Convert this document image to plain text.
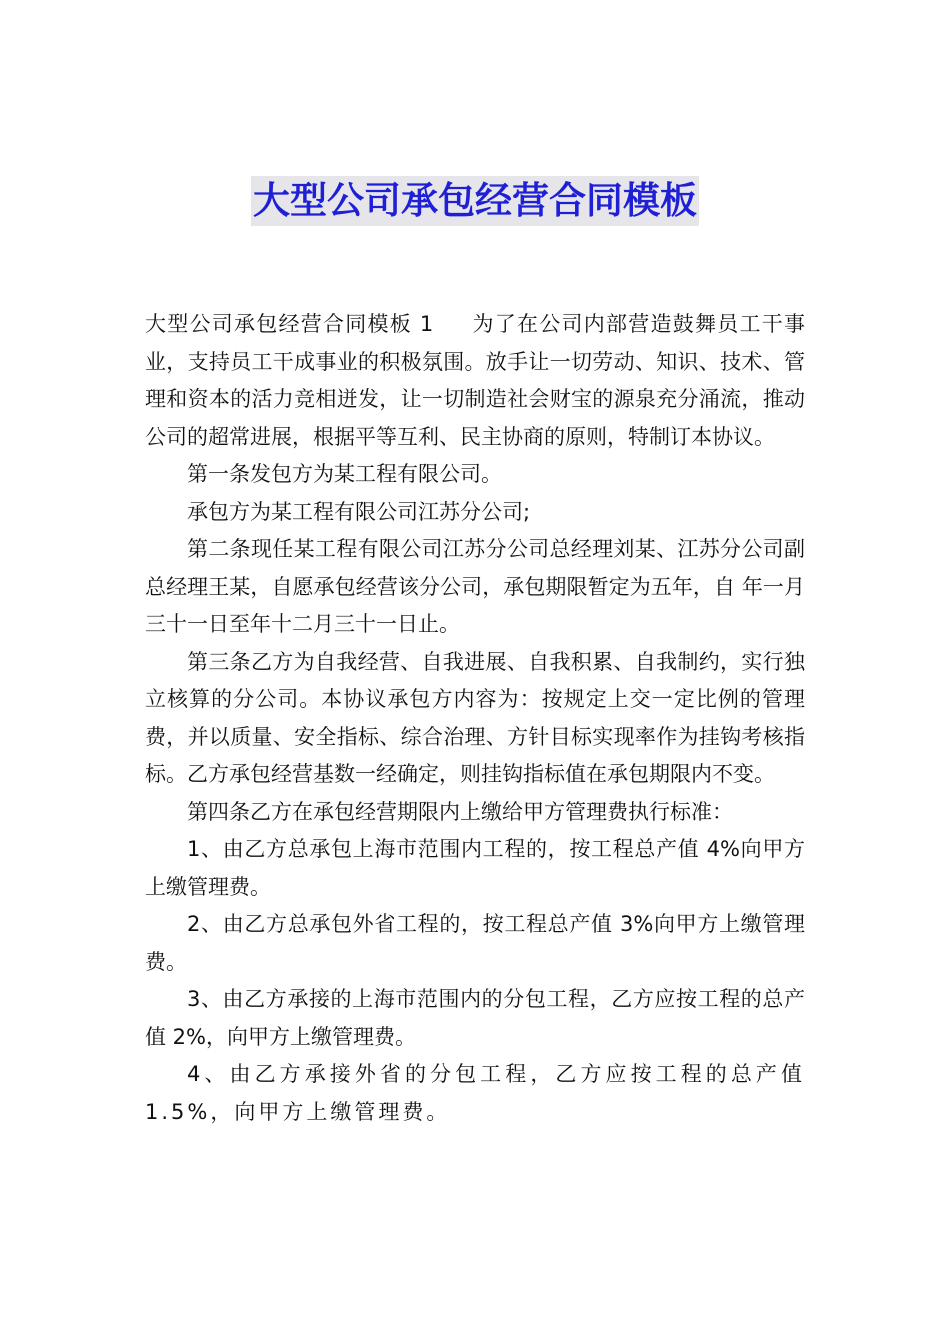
大型公司承包经营合同模板

大型公司承包经营合同模板 1 为了在公司内部营造鼓舞员工干事业，支持员工干成事业的积极氛围。放手让一切劳动、知识、技术、管理和资本的活力竞相迸发，让一切制造社会财宝的源泉充分涌流，推动公司的超常进展，根据平等互利、民主协商的原则，特制订本协议。

第一条发包方为某工程有限公司。

承包方为某工程有限公司江苏分公司;

第二条现任某工程有限公司江苏分公司总经理刘某、江苏分公司副总经理王某，自愿承包经营该分公司，承包期限暂定为五年，自 年一月三十一日至年十二月三十一日止。

第三条乙方为自我经营、自我进展、自我积累、自我制约，实行独立核算的分公司。本协议承包方内容为：按规定上交一定比例的管理费，并以质量、安全指标、综合治理、方针目标实现率作为挂钩考核指标。乙方承包经营基数一经确定，则挂钩指标值在承包期限内不变。

第四条乙方在承包经营期限内上缴给甲方管理费执行标准：

1、由乙方总承包上海市范围内工程的，按工程总产值 4%向甲方上缴管理费。

2、由乙方总承包外省工程的，按工程总产值 3%向甲方上缴管理费。

3、由乙方承接的上海市范围内的分包工程，乙方应按工程的总产值 2%，向甲方上缴管理费。

4、由乙方承接外省的分包工程，乙方应按工程的总产值 1.5%，向甲方上缴管理费。
